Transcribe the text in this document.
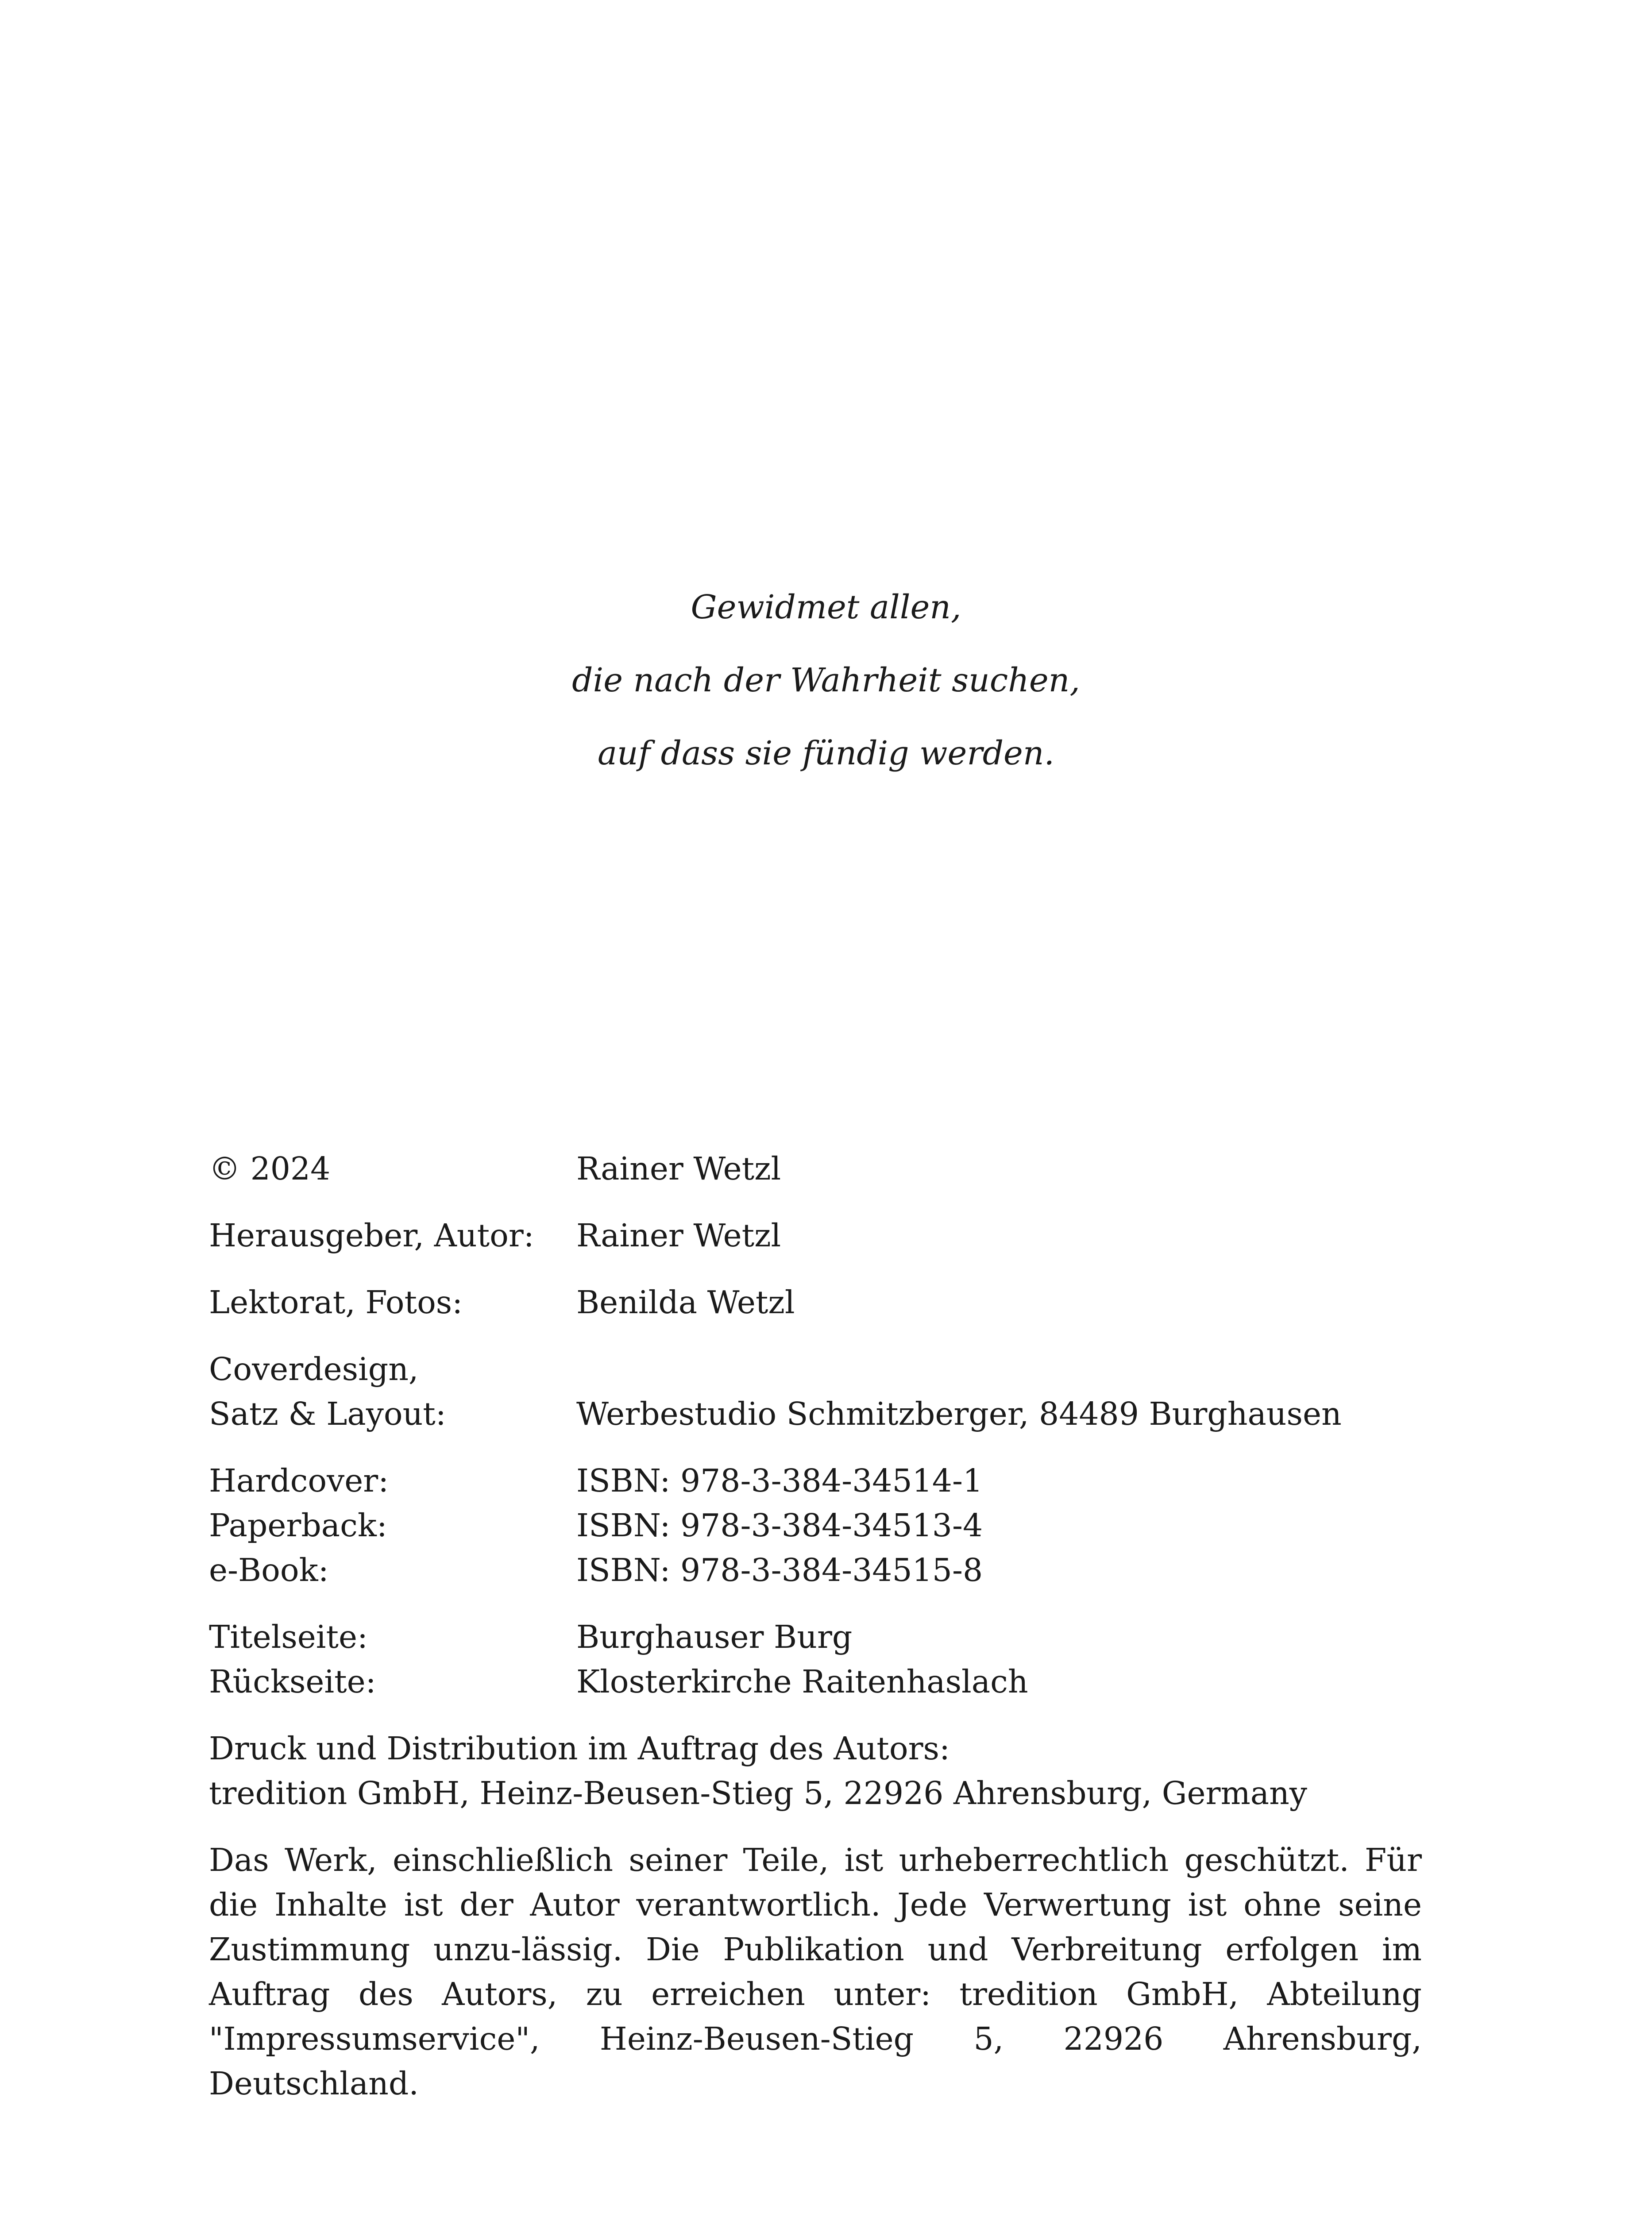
Gewidmet allen,
die nach der Wahrheit suchen,
auf dass sie fündig werden.
© 2024	Rainer Wetzl
Herausgeber, Autor:	Rainer Wetzl
Lektorat, Fotos:	Benilda Wetzl
Coverdesign,
Satz & Layout:	Werbestudio Schmitzberger, 84489 Burghausen
Hardcover:	ISBN: 978-3-384-34514-1
Paperback:	ISBN: 978-3-384-34513-4
e-Book:	ISBN: 978-3-384-34515-8
Titelseite:	Burghauser Burg
Rückseite:	Klosterkirche Raitenhaslach
Druck und Distribution im Auftrag des Autors:
tredition GmbH, Heinz-Beusen-Stieg 5, 22926 Ahrensburg, Germany
Das Werk, einschließlich seiner Teile, ist urheberrechtlich geschützt. Für die Inhalte ist der Autor verantwortlich. Jede Verwertung ist ohne seine Zustimmung unzu-lässig. Die Publikation und Verbreitung erfolgen im Auftrag des Autors, zu erreichen unter: tredition GmbH, Abteilung "Impressumservice", Heinz-Beusen-Stieg 5, 22926 Ahrensburg, Deutschland.
